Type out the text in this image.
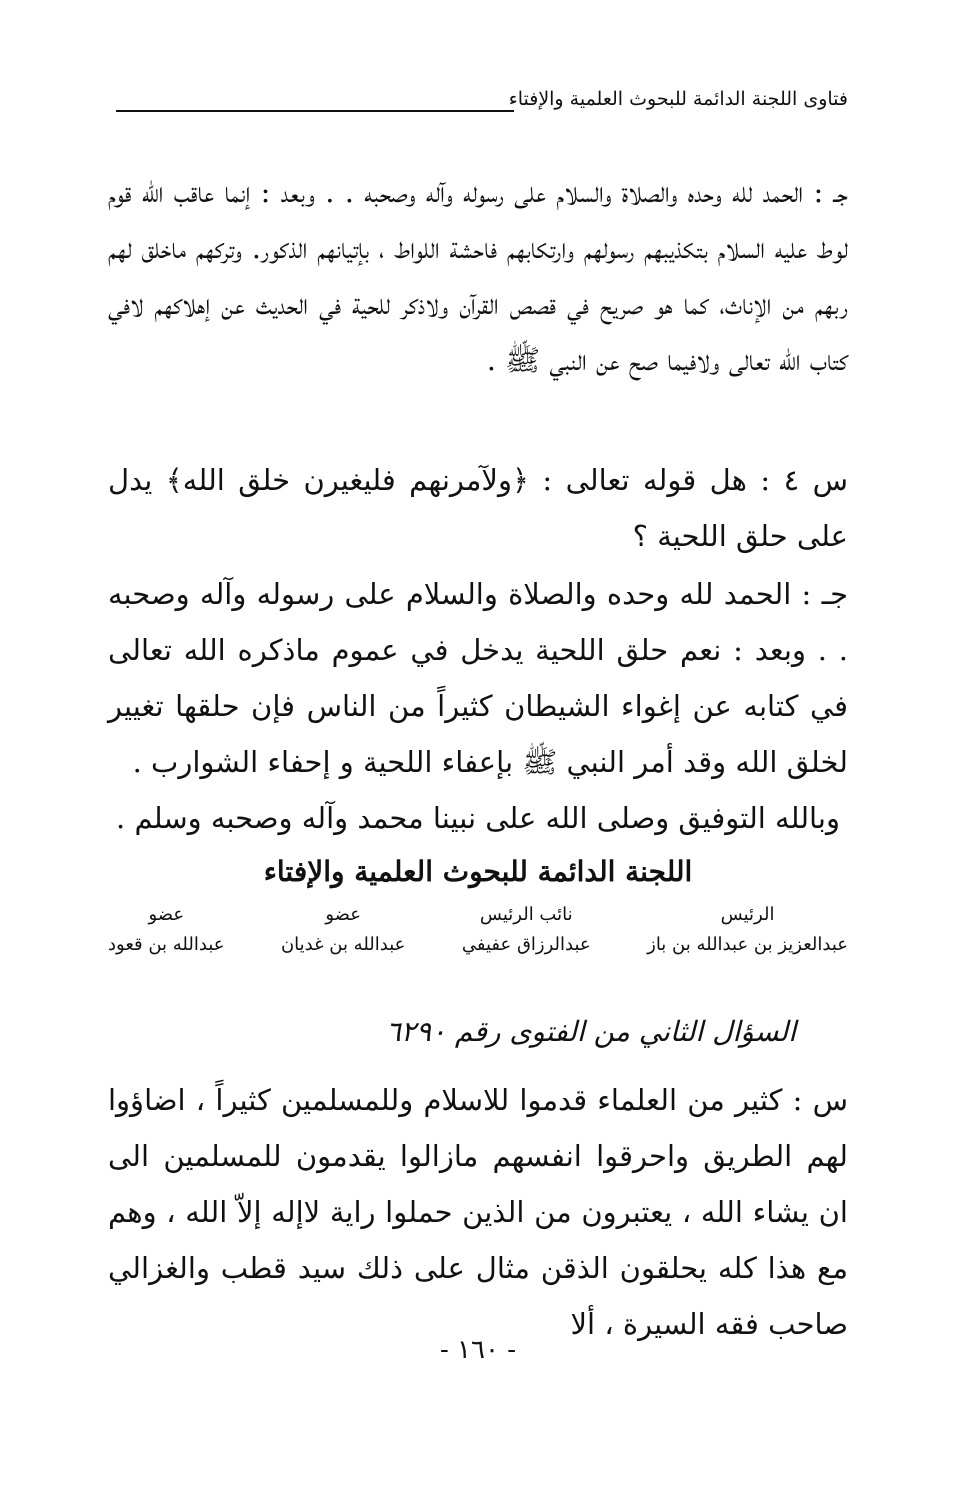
فتاوى اللجنة الدائمة للبحوث العلمية والإفتاء

جـ : الحمد لله وحده والصلاة والسلام على رسوله وآله وصحبه . . وبعد : إنما عاقب الله قوم لوط عليه السلام بتكذيبهم رسولهم وارتكابهم فاحشة اللواط ، بإتيانهم الذكور. وتركهم ماخلق لهم ربهم من الإناث، كما هو صريح في قصص القرآن ولاذكر للحية في الحديث عن إهلاكهم لافي كتاب الله تعالى ولافيما صح عن النبي ﷺ .

س ٤ : هل قوله تعالى : ﴿ولآمرنهم فليغيرن خلق الله﴾ يدل على حلق اللحية ؟

جـ : الحمد لله وحده والصلاة والسلام على رسوله وآله وصحبه . . وبعد : نعم حلق اللحية يدخل في عموم ماذكره الله تعالى في كتابه عن إغواء الشيطان كثيراً من الناس فإن حلقها تغيير لخلق الله وقد أمر النبي ﷺ بإعفاء اللحية و إحفاء الشوارب .

وبالله التوفيق وصلى الله على نبينا محمد وآله وصحبه وسلم .
اللجنة الدائمة للبحوث العلمية والإفتاء
الرئيس
عبدالعزيز بن عبدالله بن باز
نائب الرئيس
عبدالرزاق عفيفي
عضو
عبدالله بن غديان
عضو
عبدالله بن قعود
السؤال الثاني من الفتوى رقم ٦٢٩٠

س : كثير من العلماء قدموا للاسلام وللمسلمين كثيراً ، اضاؤوا لهم الطريق واحرقوا انفسهم مازالوا يقدمون للمسلمين الى ان يشاء الله ، يعتبرون من الذين حملوا راية لاإله إلاّ الله ، وهم مع هذا كله يحلقون الذقن مثال على ذلك سيد قطب والغزالي صاحب فقه السيرة ، ألا

- ١٦٠ -
